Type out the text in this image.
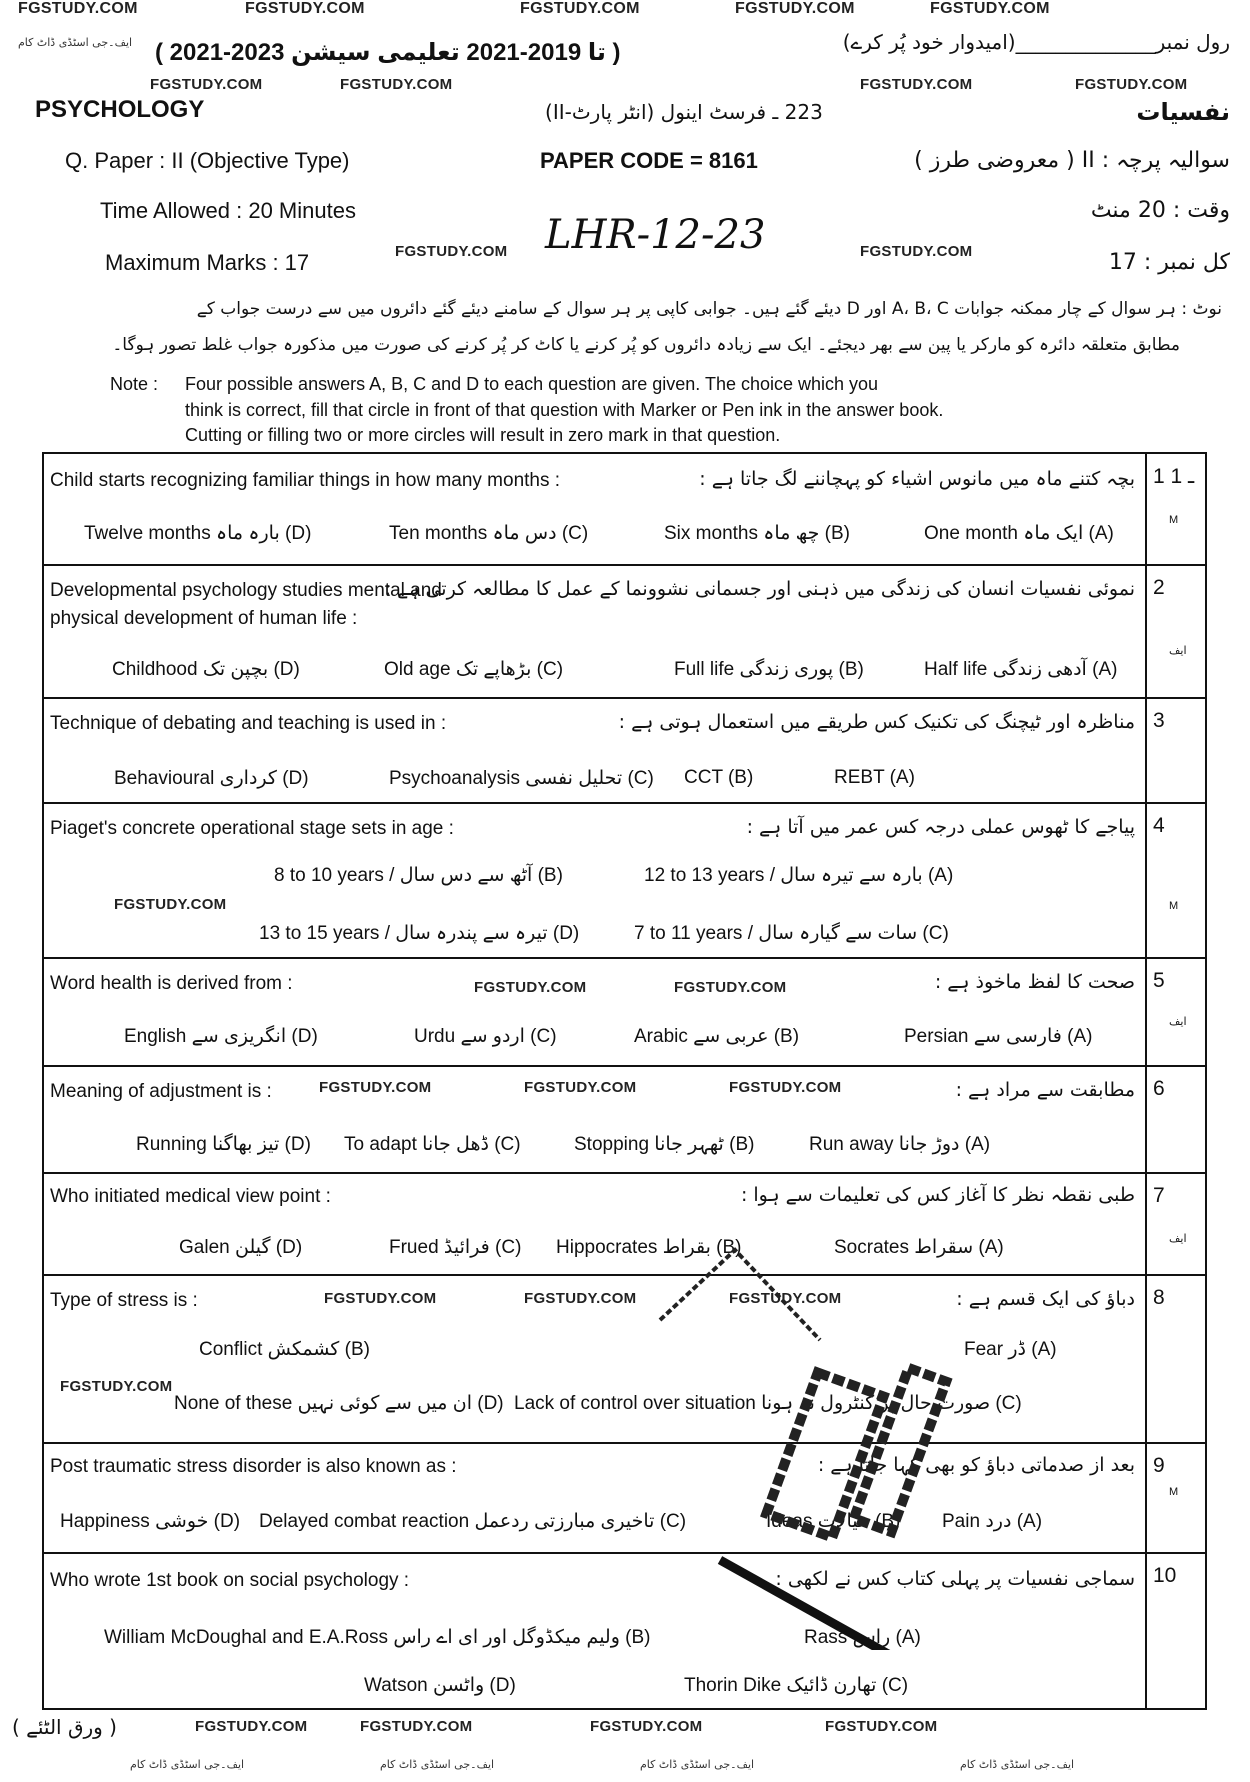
FGSTUDY.COM	FGSTUDY.COM	FGSTUDY.COM	FGSTUDY.COM	FGSTUDY.COM
ایف۔جی اسٹڈی ڈاٹ کام ( 2021-2023 تا 2019-2021 تعلیمی سیشن )	رول نمبر______________(امیدوار خود پُر کرے)
FGSTUDY.COM	FGSTUDY.COM	FGSTUDY.COM	FGSTUDY.COM
PSYCHOLOGY	223 ـ فرسٹ اینول (انٹر پارٹ-II)	نفسیات
Q. Paper : II (Objective Type)	PAPER CODE = 8161	سوالیہ پرچہ : II ( معروضی طرز )
Time Allowed : 20 Minutes	وقت : 20 منٹ
Maximum Marks : 17	FGSTUDY.COM LHR-12-23	FGSTUDY.COM	کل نمبر : 17
نوٹ : ہر سوال کے چار ممکنہ جوابات A، B، C اور D دیئے گئے ہیں۔ جوابی کاپی پر ہر سوال کے سامنے دیئے گئے دائروں میں سے درست جواب کے
مطابق متعلقہ دائرہ کو مارکر یا پین سے بھر دیجئے۔ ایک سے زیادہ دائروں کو پُر کرنے یا کاٹ کر پُر کرنے کی صورت میں مذکورہ جواب غلط تصور ہوگا۔
Note : Four possible answers A, B, C and D to each question are given. The choice which you
think is correct, fill that circle in front of that question with Marker or Pen ink in the answer book.
Cutting or filling two or more circles will result in zero mark in that question.
Child starts recognizing familiar things in how many months :	بچہ کتنے ماہ میں مانوس اشیاء کو پہچاننے لگ جاتا ہے :
Twelve months بارہ ماہ (D)	Ten months دس ماہ (C)	Six months چھ ماہ (B)	One month ایک ماہ (A)
1 ـ 1
M
Developmental psychology studies mental and
physical development of human life :
نموئی نفسیات انسان کی زندگی میں ذہنی اور جسمانی نشوونما کے عمل کا مطالعہ کرتی ہے :
Childhood بچپن تک (D)	Old age بڑھاپے تک (C)	Full life پوری زندگی (B)	Half life آدھی زندگی (A)
2
ایف
Technique of debating and teaching is used in :	مناظرہ اور ٹیچنگ کی تکنیک کس طریقے میں استعمال ہوتی ہے :
Behavioural کرداری (D)	Psychoanalysis تحلیل نفسی (C) CCT (B)	REBT (A)
3
Piaget's concrete operational stage sets in age :	پیاجے کا ٹھوس عملی درجہ کس عمر میں آتا ہے :
8 to 10 years / آٹھ سے دس سال (B)	12 to 13 years / بارہ سے تیرہ سال (A)
FGSTUDY.COM
13 to 15 years / تیرہ سے پندرہ سال (D)	7 to 11 years / سات سے گیارہ سال (C)
4
M
Word health is derived from :	FGSTUDY.COM	FGSTUDY.COM	صحت کا لفظ ماخوذ ہے :
English انگریزی سے (D)	Urdu اردو سے (C)	Arabic عربی سے (B)	Persian فارسی سے (A)
5
ایف
Meaning of adjustment is :	FGSTUDY.COM	FGSTUDY.COM	FGSTUDY.COM	مطابقت سے مراد ہے :
Running تیز بھاگنا (D) To adapt ڈھل جانا (C)	Stopping ٹھہر جانا (B)	Run away دوڑ جانا (A)
6
Who initiated medical view point :	طبی نقطہ نظر کا آغاز کس کی تعلیمات سے ہوا :
Galen گیلن (D)	Frued فرائیڈ (C) Hippocrates بقراط (B)	Socrates سقراط (A)
7
ایف
Type of stress is :	FGSTUDY.COM	FGSTUDY.COM	FGSTUDY.COM	دباؤ کی ایک قسم ہے :
Conflict کشمکش (B)	Fear ڈر (A)
FGSTUDY.COM
None of these ان میں سے کوئی نہیں (D) Lack of control over situation صورت حال پر کنٹرول نہ ہونا (C)
8
Post traumatic stress disorder is also known as :	بعد از صدماتی دباؤ کو بھی کہا جاتا ہے :
Happiness خوشی (D) Delayed combat reaction تاخیری مبارزتی ردعمل (C)	Ideas خیالات (B) Pain درد (A)
9
M
Who wrote 1st book on social psychology :	سماجی نفسیات پر پہلی کتاب کس نے لکھی :
William McDoughal and E.A.Ross ولیم میکڈوگل اور ای اے راس (B)	Rass راس (A)
Watson واٹسن (D)	Thorin Dike تھارن ڈائیک (C)
10
( ورق الٹئے )	FGSTUDY.COM	FGSTUDY.COM	FGSTUDY.COM	FGSTUDY.COM
ایف۔جی اسٹڈی ڈاٹ کام	ایف۔جی اسٹڈی ڈاٹ کام	ایف۔جی اسٹڈی ڈاٹ کام	ایف۔جی اسٹڈی ڈاٹ کام
